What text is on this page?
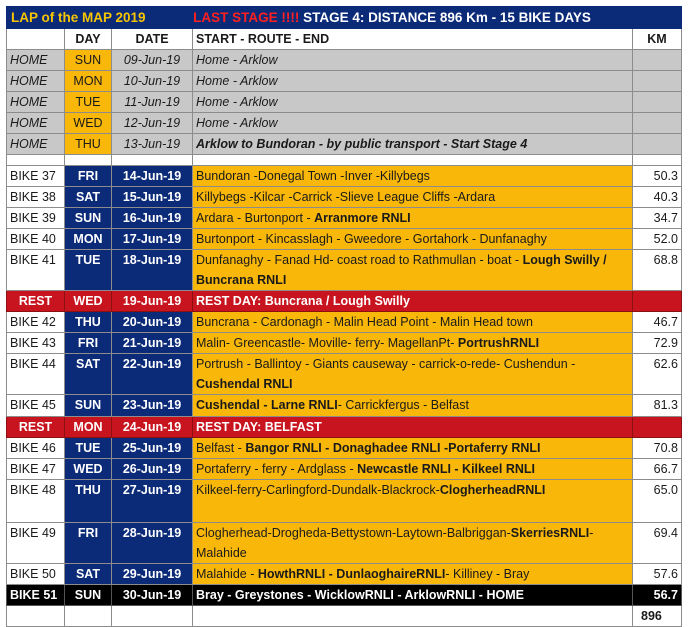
LAP of the MAP 2019 LAST STAGE !!!! STAGE 4: DISTANCE 896 Km - 15 BIKE DAYS				
	DAY	DATE	START - ROUTE - END	KM
HOME	SUN	09-Jun-19	Home - Arklow	
HOME	MON	10-Jun-19	Home - Arklow	
HOME	TUE	11-Jun-19	Home - Arklow	
HOME	WED	12-Jun-19	Home - Arklow	
HOME	THU	13-Jun-19	Arklow to Bundoran - by public transport - Start Stage 4	

BIKE 37	FRI	14-Jun-19	Bundoran -Donegal Town -Inver -Killybegs	50.3
BIKE 38	SAT	15-Jun-19	Killybegs -Kilcar -Carrick -Slieve League Cliffs -Ardara	40.3
BIKE 39	SUN	16-Jun-19	Ardara - Burtonport - Arranmore RNLI	34.7
BIKE 40	MON	17-Jun-19	Burtonport - Kincasslagh - Gweedore - Gortahork - Dunfanaghy	52.0
BIKE 41	TUE	18-Jun-19	Dunfanaghy - Fanad Hd- coast road to Rathmullan - boat - Lough Swilly / Buncrana RNLI	68.8
REST	WED	19-Jun-19	REST DAY: Buncrana / Lough Swilly	
BIKE 42	THU	20-Jun-19	Buncrana - Cardonagh - Malin Head Point - Malin Head town	46.7
BIKE 43	FRI	21-Jun-19	Malin- Greencastle- Moville- ferry- MagellanPt- PortrushRNLI	72.9
BIKE 44	SAT	22-Jun-19	Portrush - Ballintoy - Giants causeway - carrick-o-rede- Cushendun - Cushendal RNLI	62.6
BIKE 45	SUN	23-Jun-19	Cushendal - Larne RNLI- Carrickfergus - Belfast	81.3
REST	MON	24-Jun-19	REST DAY: BELFAST	
BIKE 46	TUE	25-Jun-19	Belfast - Bangor RNLI - Donaghadee RNLI -Portaferry RNLI	70.8
BIKE 47	WED	26-Jun-19	Portaferry - ferry - Ardglass - Newcastle RNLI - Kilkeel RNLI	66.7
BIKE 48	THU	27-Jun-19	Kilkeel-ferry-Carlingford-Dundalk-Blackrock-ClogherheadRNLI	65.0
BIKE 49	FRI	28-Jun-19	Clogherhead-Drogheda-Bettystown-Laytown-Balbriggan-SkerriesRNLI-Malahide	69.4
BIKE 50	SAT	29-Jun-19	Malahide - HowthRNLI - DunlaoghaireRNLI- Killiney - Bray	57.6
BIKE 51	SUN	30-Jun-19	Bray - Greystones - WicklowRNLI - ArklowRNLI - HOME	56.7
				896
